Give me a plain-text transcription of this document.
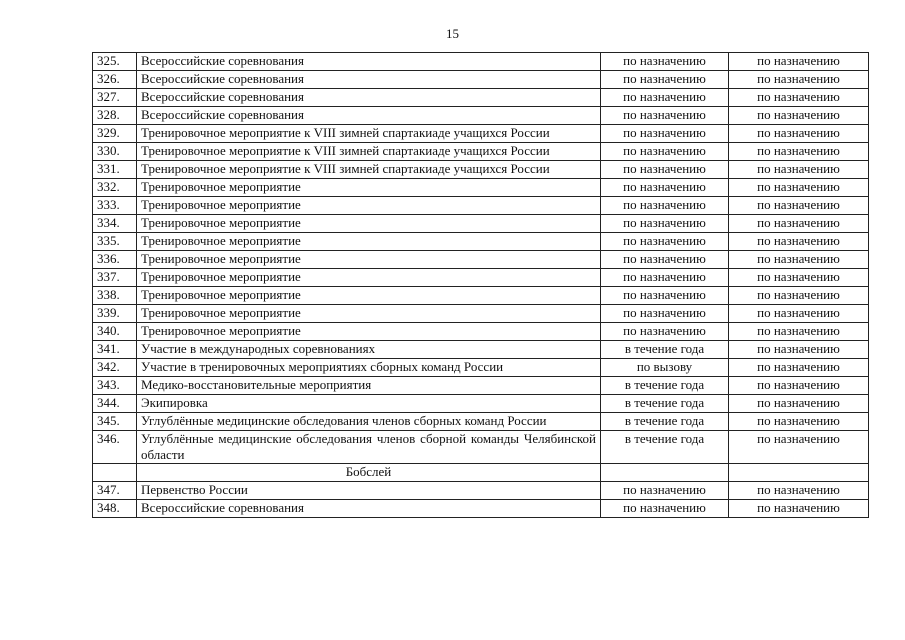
15
325.	Всероссийские соревнования	по назначению	по назначению
326.	Всероссийские соревнования	по назначению	по назначению
327.	Всероссийские соревнования	по назначению	по назначению
328.	Всероссийские соревнования	по назначению	по назначению
329.	Тренировочное мероприятие к VIII зимней спартакиаде учащихся России	по назначению	по назначению
330.	Тренировочное мероприятие к VIII зимней спартакиаде учащихся России	по назначению	по назначению
331.	Тренировочное мероприятие к VIII зимней спартакиаде учащихся России	по назначению	по назначению
332.	Тренировочное мероприятие	по назначению	по назначению
333.	Тренировочное мероприятие	по назначению	по назначению
334.	Тренировочное мероприятие	по назначению	по назначению
335.	Тренировочное мероприятие	по назначению	по назначению
336.	Тренировочное мероприятие	по назначению	по назначению
337.	Тренировочное мероприятие	по назначению	по назначению
338.	Тренировочное мероприятие	по назначению	по назначению
339.	Тренировочное мероприятие	по назначению	по назначению
340.	Тренировочное мероприятие	по назначению	по назначению
341.	Участие в международных соревнованиях	в течение года	по назначению
342.	Участие в тренировочных мероприятиях сборных команд России	по вызову	по назначению
343.	Медико-восстановительные мероприятия	в течение года	по назначению
344.	Экипировка	в течение года	по назначению
345.	Углублённые медицинские обследования членов сборных команд России	в течение года	по назначению
346.	Углублённые медицинские обследования членов сборной команды Челябинской области	в течение года	по назначению
	Бобслей		
347.	Первенство России	по назначению	по назначению
348.	Всероссийские соревнования	по назначению	по назначению
